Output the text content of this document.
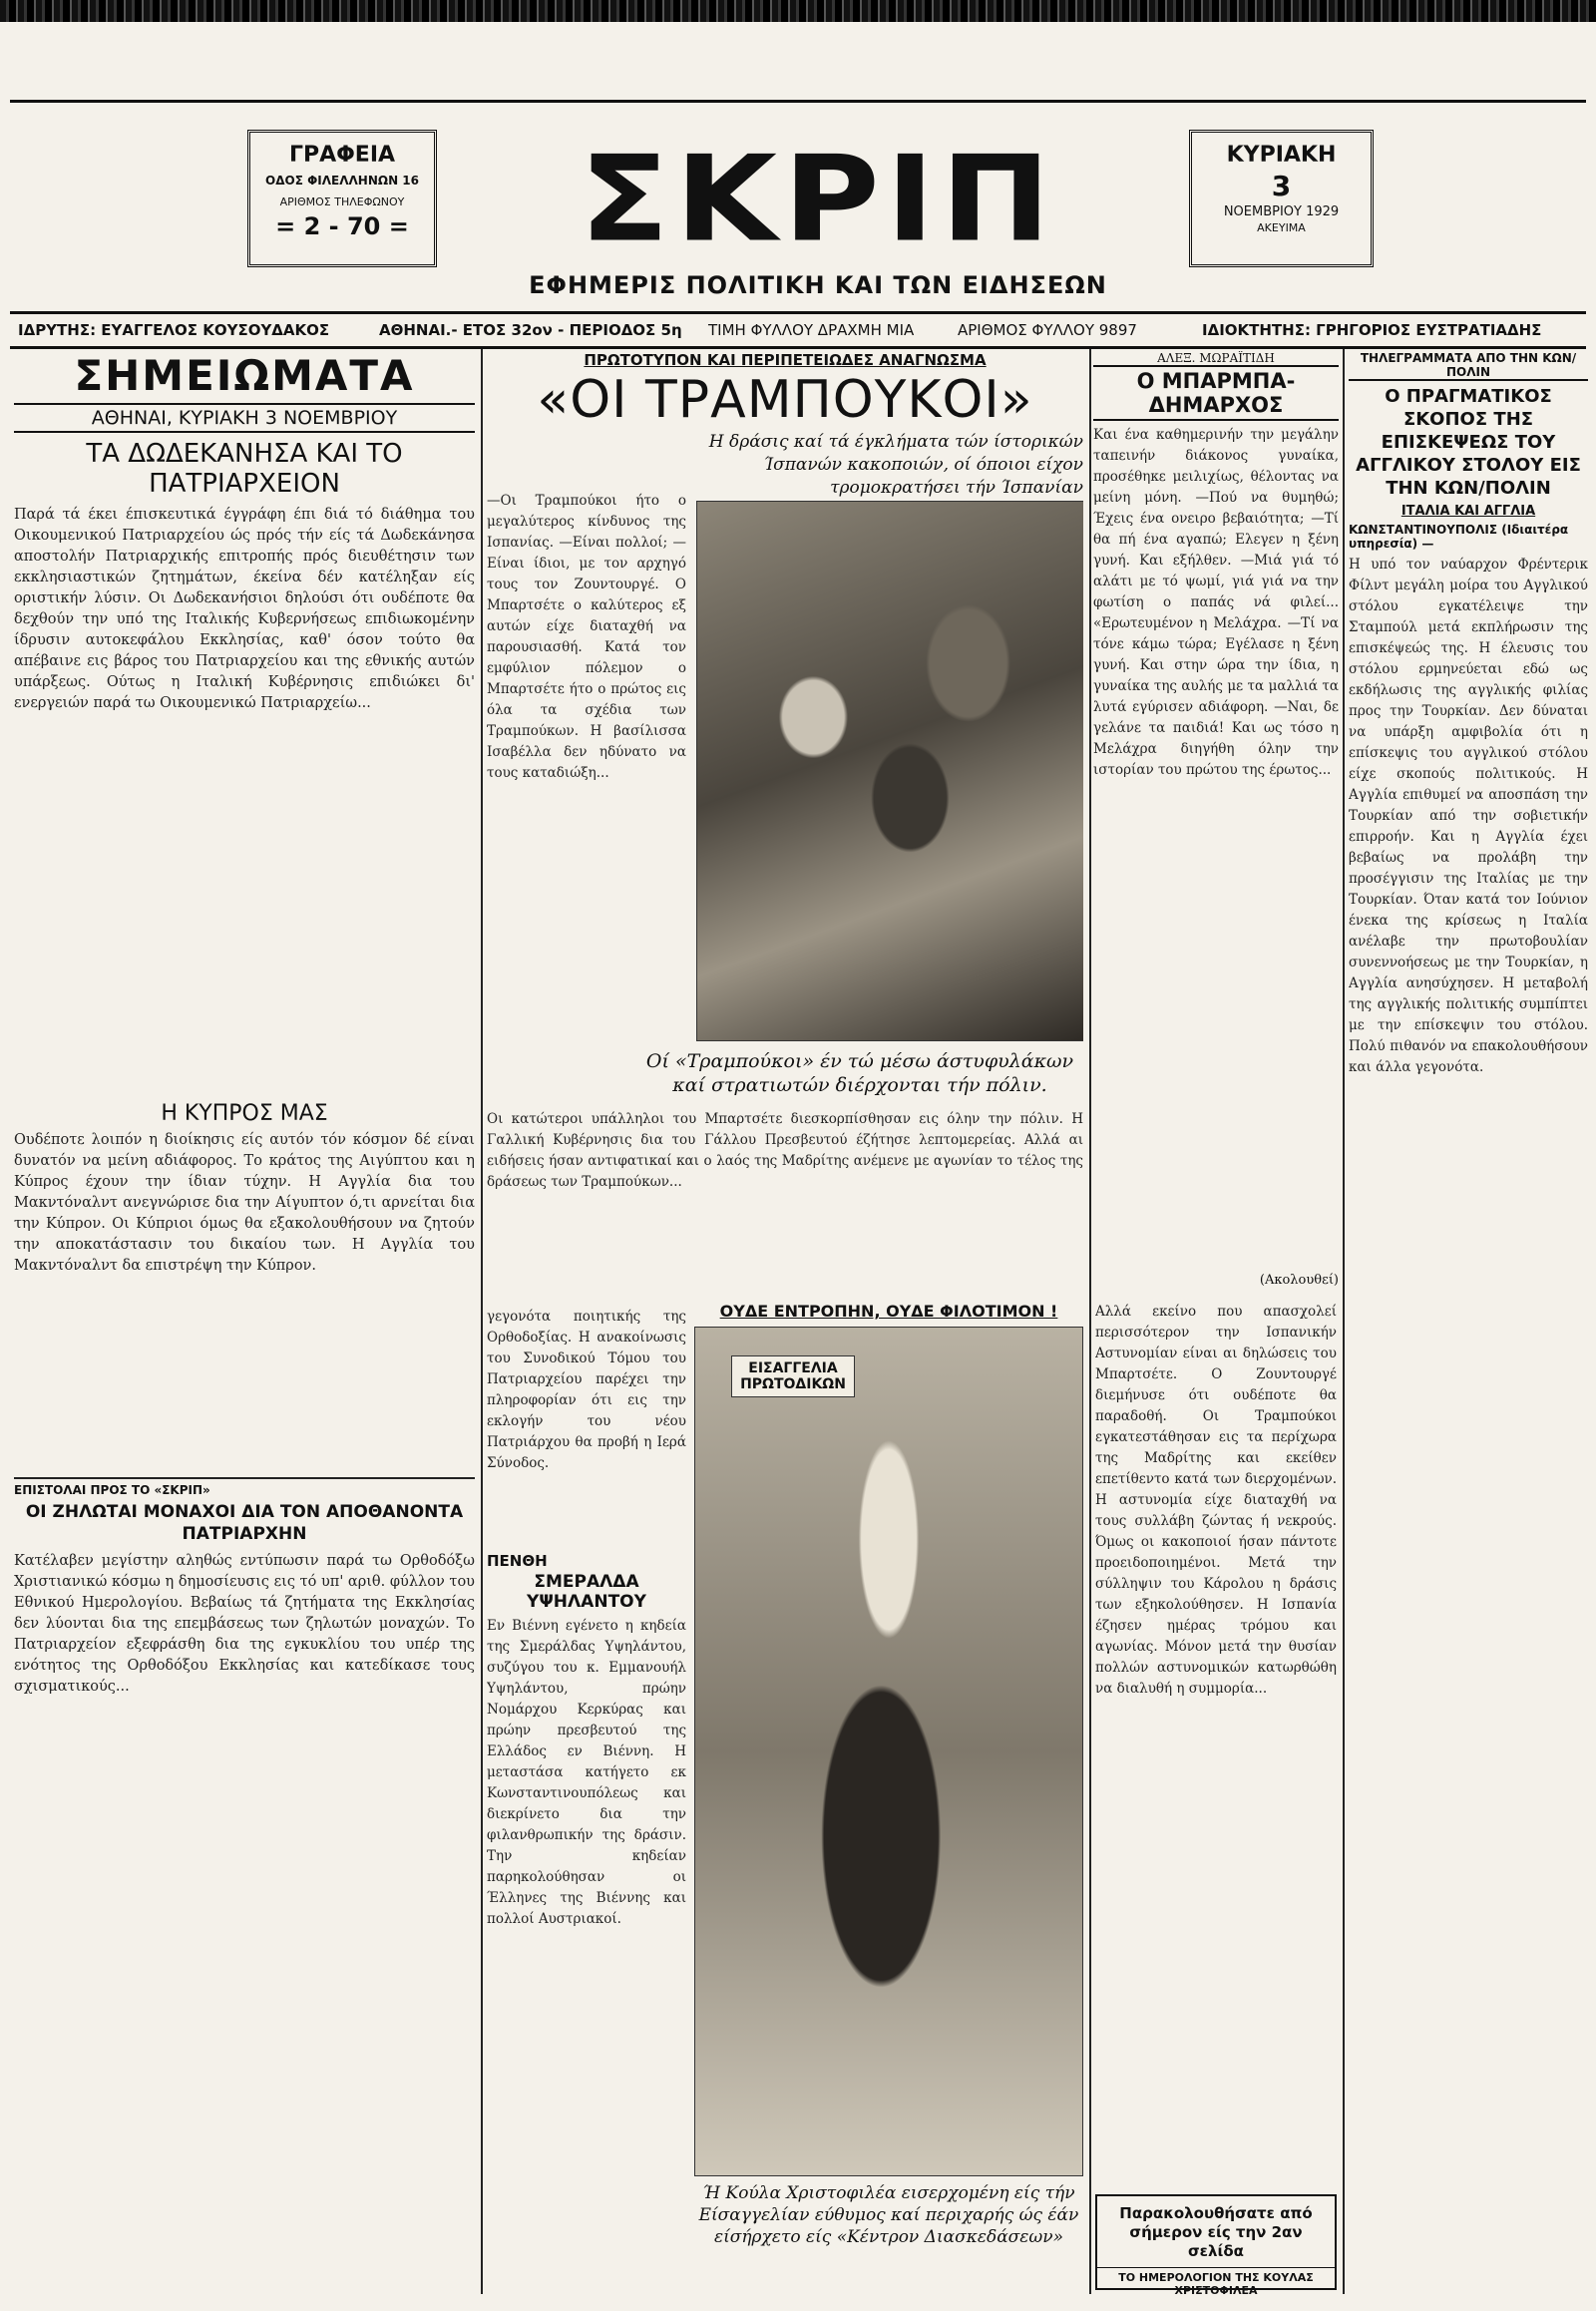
ΓΡΑΦΕΙΑ
ΟΔΟΣ ΦΙΛΕΛΛΗΝΩΝ 16
ΑΡΙΘΜΟΣ ΤΗΛΕΦΩΝΟΥ
= 2 - 70 =
ΚΥΡΙΑΚΗ
3
ΝΟΕΜΒΡΙΟΥ 1929
ΑΚΕΥΙΜΑ
ΣΚΡΙΠ
ΕΦΗΜΕΡΙΣ ΠΟΛΙΤΙΚΗ ΚΑΙ ΤΩΝ ΕΙΔΗΣΕΩΝ
ΙΔΡΥΤΗΣ: ΕΥΑΓΓΕΛΟΣ ΚΟΥΣΟΥΔΑΚΟΣ	ΑΘΗΝΑΙ.- ΕΤΟΣ 32ον - ΠΕΡΙΟΔΟΣ 5η ΤΙΜΗ ΦΥΛΛΟΥ ΔΡΑΧΜΗ ΜΙΑ	ΑΡΙΘΜΟΣ ΦΥΛΛΟΥ 9897	ΙΔΙΟΚΤΗΤΗΣ: ΓΡΗΓΟΡΙΟΣ ΕΥΣΤΡΑΤΙΑΔΗΣ
ΣΗΜΕΙΩΜΑΤΑ
ΑΘΗΝΑΙ, ΚΥΡΙΑΚΗ 3 ΝΟΕΜΒΡΙΟΥ
ΤΑ ΔΩΔΕΚΑΝΗΣΑ ΚΑΙ ΤΟ ΠΑΤΡΙΑΡΧΕΙΟΝ
Παρά τά έκει έπισκευτικά έγγράφη έπι διά τό διάθημα του Οικουμενικού Πατριαρχείου ώς πρός τήν είς τά Δωδεκάνησα αποστολήν Πατριαρχικής επιτροπής πρός διευθέτησιν των εκκλησιαστικών ζητημάτων, έκείνα δέν κατέληξαν είς οριστικήν λύσιν. Οι Δωδεκανήσιοι δηλούσι ότι ουδέποτε θα δεχθούν την υπό της Ιταλικής Κυβερνήσεως επιδιωκομένην ίδρυσιν αυτοκεφάλου Εκκλησίας, καθ' όσον τούτο θα απέβαινε εις βάρος του Πατριαρχείου και της εθνικής αυτών υπάρξεως. Ούτως η Ιταλική Κυβέρνησις επιδιώκει δι' ενεργειών παρά τω Οικουμενικώ Πατριαρχείω...
Η ΚΥΠΡΟΣ ΜΑΣ
Ουδέποτε λοιπόν η διοίκησις είς αυτόν τόν κόσμον δέ είναι δυνατόν να μείνη αδιάφορος. Το κράτος της Αιγύπτου και η Κύπρος έχουν την ίδιαν τύχην. Η Αγγλία δια του Μακντόναλντ ανεγνώρισε δια την Αίγυπτον ό,τι αρνείται δια την Κύπρον. Οι Κύπριοι όμως θα εξακολουθήσουν να ζητούν την αποκατάστασιν του δικαίου των. Η Αγγλία του Μακντόναλντ δα επιστρέψη την Κύπρον.
ΕΠΙΣΤΟΛΑΙ ΠΡΟΣ ΤΟ «ΣΚΡΙΠ»
ΟΙ ΖΗΛΩΤΑΙ ΜΟΝΑΧΟΙ ΔΙΑ ΤΟΝ ΑΠΟΘΑΝΟΝΤΑ ΠΑΤΡΙΑΡΧΗΝ
Κατέλαβεν μεγίστην αληθώς εντύπωσιν παρά τω Ορθοδόξω Χριστιανικώ κόσμω η δημοσίευσις εις τό υπ' αριθ. φύλλον του Εθνικού Ημερολογίου. Βεβαίως τά ζητήματα της Εκκλησίας δεν λύονται δια της επεμβάσεως των ζηλωτών μοναχών. Το Πατριαρχείον εξεφράσθη δια της εγκυκλίου του υπέρ της ενότητος της Ορθοδόξου Εκκλησίας και κατεδίκασε τους σχισματικούς...
ΠΡΩΤΟΤΥΠΟΝ ΚΑΙ ΠΕΡΙΠΕΤΕΙΩΔΕΣ ΑΝΑΓΝΩΣΜΑ
«ΟΙ ΤΡΑΜΠΟΥΚΟΙ»
Η δράσις καί τά έγκλήματα τών ίστορικών Ίσπανών κακοποιών, οί όποιοι είχον τρομοκρατήσει τήν Ίσπανίαν
—Οι Τραμπούκοι ήτο ο μεγαλύτερος κίνδυνος της Ισπανίας. —Είναι πολλοί; —Είναι ίδιοι, με τον αρχηγό τους τον Ζουντουργέ. Ο Μπαρτσέτε ο καλύτερος εξ αυτών είχε διαταχθή να παρουσιασθή. Κατά τον εμφύλιον πόλεμον ο Μπαρτσέτε ήτο ο πρώτος εις όλα τα σχέδια των Τραμπούκων. Η βασίλισσα Ισαβέλλα δεν ηδύνατο να τους καταδιώξη...
Οί «Τραμπούκοι» έν τώ μέσω άστυφυλάκων καί στρατιωτών διέρχονται τήν πόλιν.
Οι κατώτεροι υπάλληλοι του Μπαρτσέτε διεσκορπίσθησαν εις όλην την πόλιν. Η Γαλλική Κυβέρνησις δια του Γάλλου Πρεσβευτού έζήτησε λεπτομερείας. Αλλά αι ειδήσεις ήσαν αντιφατικαί και ο λαός της Μαδρίτης ανέμενε με αγωνίαν το τέλος της δράσεως των Τραμπούκων...
γεγονότα ποιητικής της Ορθοδοξίας. Η ανακοίνωσις του Συνοδικού Τόμου του Πατριαρχείου παρέχει την πληροφορίαν ότι εις την εκλογήν του νέου Πατριάρχου θα προβή η Ιερά Σύνοδος.
ΠΕΝΘΗ
ΣΜΕΡΑΛΔΑ ΥΨΗΛΑΝΤΟΥ
Εν Βιέννη εγένετο η κηδεία της Σμεράλδας Υψηλάντου, συζύγου του κ. Εμμανουήλ Υψηλάντου, πρώην Νομάρχου Κερκύρας και πρώην πρεσβευτού της Ελλάδος εν Βιέννη. Η μεταστάσα κατήγετο εκ Κωνσταντινουπόλεως και διεκρίνετο δια την φιλανθρωπικήν της δράσιν. Την κηδείαν παρηκολούθησαν οι Έλληνες της Βιέννης και πολλοί Αυστριακοί.
ΟΥΔΕ ΕΝΤΡΟΠΗΝ, ΟΥΔΕ ΦΙΛΟΤΙΜΟΝ !
ΕΙΣΑΓΓΕΛΙΑ ΠΡΩΤΟΔΙΚΩΝ
Ή Κούλα Χριστοφιλέα εισερχομένη είς τήν Είσαγγελίαν εύθυμος καί περιχαρής ώς έάν είσήρχετο είς «Κέντρον Διασκεδάσεων»
Αλλά εκείνο που απασχολεί περισσότερον την Ισπανικήν Αστυνομίαν είναι αι δηλώσεις του Μπαρτσέτε. Ο Ζουντουργέ διεμήνυσε ότι ουδέποτε θα παραδοθή. Οι Τραμπούκοι εγκατεστάθησαν εις τα περίχωρα της Μαδρίτης και εκείθεν επετίθεντο κατά των διερχομένων. Η αστυνομία είχε διαταχθή να τους συλλάβη ζώντας ή νεκρούς. Όμως οι κακοποιοί ήσαν πάντοτε προειδοποιημένοι. Μετά την σύλληψιν του Κάρολου η δράσις των εξηκολούθησεν. Η Ισπανία έζησεν ημέρας τρόμου και αγωνίας. Μόνον μετά την θυσίαν πολλών αστυνομικών κατωρθώθη να διαλυθή η συμμορία...
ΑΛΕΞ. ΜΩΡΑΪΤΙΔΗ
Ο ΜΠΑΡΜΠΑ-ΔΗΜΑΡΧΟΣ
Και ένα καθημερινήν την μεγάλην ταπεινήν διάκονος γυναίκα, προσέθηκε μειλιχίως, θέλοντας να μείνη μόνη. —Πού να θυμηθώ; Έχεις ένα ονειρο βεβαιότητα; —Τί θα πή ένα αγαπώ; Ελεγεν η ξένη γυνή. Και εξήλθεν. —Μιά γιά τό αλάτι με τό ψωμί, γιά γιά να την φωτίση ο παπάς νά φιλεί... «Ερωτευμένον η Μελάχρα. —Τί να τόνε κάμω τώρα; Εγέλασε η ξένη γυνή. Και στην ώρα την ίδια, η γυναίκα της αυλής με τα μαλλιά τα λυτά εγύρισεν αδιάφορη. —Ναι, δε γελάνε τα παιδιά! Και ως τόσο η Μελάχρα διηγήθη όλην την ιστορίαν του πρώτου της έρωτος...
(Ακολουθεί)
Παρακολουθήσατε από σήμερον είς την 2αν σελίδα
ΤΟ ΗΜΕΡΟΛΟΓΙΟΝ ΤΗΣ ΚΟΥΛΑΣ ΧΡΙΣΤΟΦΙΛΕΑ
ΤΗΛΕΓΡΑΜΜΑΤΑ ΑΠΟ ΤΗΝ ΚΩΝ/ΠΟΛΙΝ
Ο ΠΡΑΓΜΑΤΙΚΟΣ ΣΚΟΠΟΣ ΤΗΣ ΕΠΙΣΚΕΨΕΩΣ ΤΟΥ ΑΓΓΛΙΚΟΥ ΣΤΟΛΟΥ ΕΙΣ ΤΗΝ ΚΩΝ/ΠΟΛΙΝ
ΙΤΑΛΙΑ ΚΑΙ ΑΓΓΛΙΑ
ΚΩΝΣΤΑΝΤΙΝΟΥΠΟΛΙΣ (Ιδιαιτέρα υπηρεσία) —
Η υπό τον ναύαρχον Φρέντερικ Φίλντ μεγάλη μοίρα του Αγγλικού στόλου εγκατέλειψε την Σταμπούλ μετά εκπλήρωσιν της επισκέψεώς της. Η έλευσις του στόλου ερμηνεύεται εδώ ως εκδήλωσις της αγγλικής φιλίας προς την Τουρκίαν. Δεν δύναται να υπάρξη αμφιβολία ότι η επίσκεψις του αγγλικού στόλου είχε σκοπούς πολιτικούς. Η Αγγλία επιθυμεί να αποσπάση την Τουρκίαν από την σοβιετικήν επιρροήν. Και η Αγγλία έχει βεβαίως να προλάβη την προσέγγισιν της Ιταλίας με την Τουρκίαν. Όταν κατά τον Ιούνιον ένεκα της κρίσεως η Ιταλία ανέλαβε την πρωτοβουλίαν συνεννοήσεως με την Τουρκίαν, η Αγγλία ανησύχησεν. Η μεταβολή της αγγλικής πολιτικής συμπίπτει με την επίσκεψιν του στόλου. Πολύ πιθανόν να επακολουθήσουν και άλλα γεγονότα.
